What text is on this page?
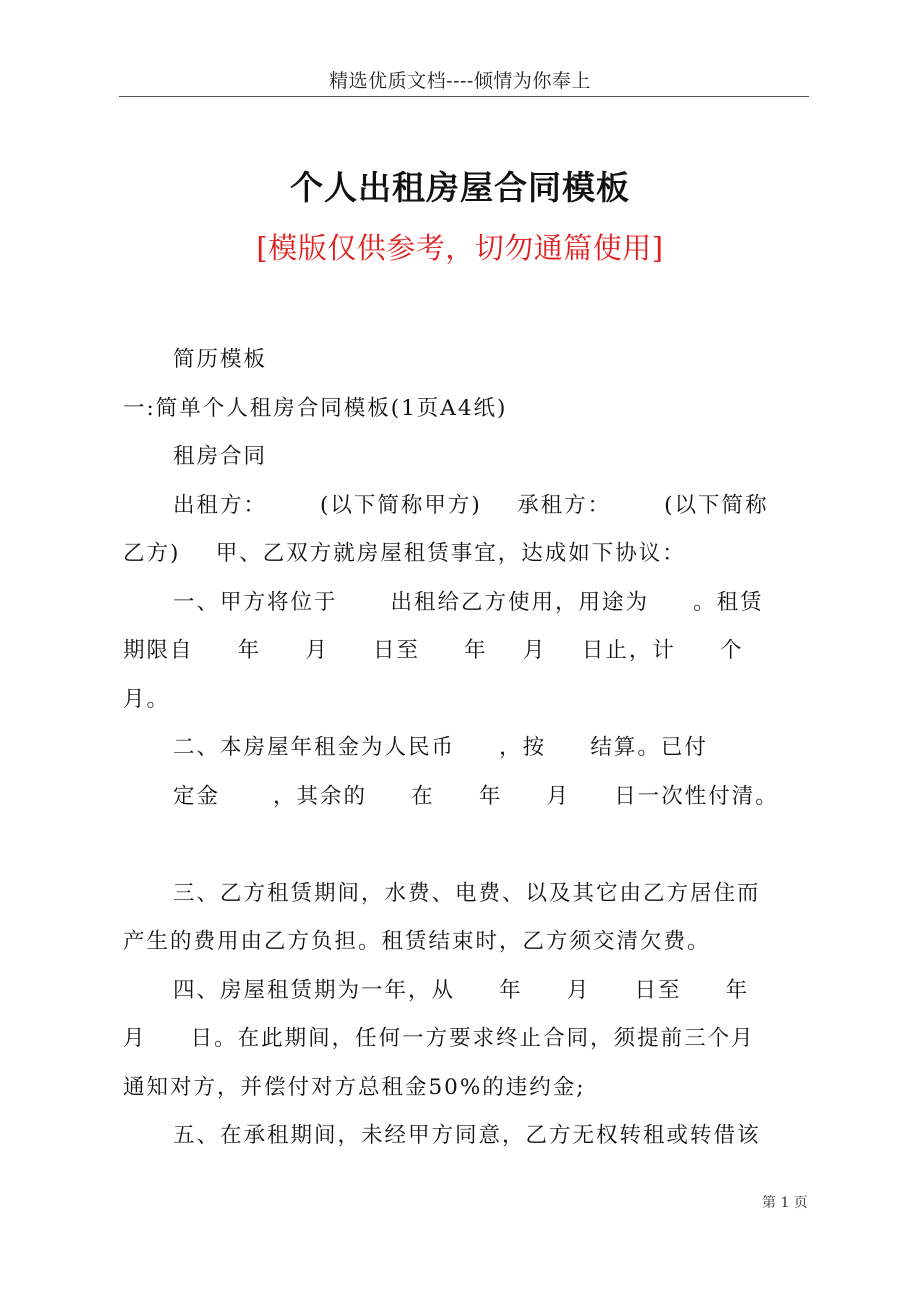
精选优质文档----倾情为你奉上
个人出租房屋合同模板
[模版仅供参考，切勿通篇使用]

简历模板

一:简单个人租房合同模板(1页A4纸)

租房合同

出租方：      (以下简称甲方)    承租方：      (以下简称

乙方)    甲、乙双方就房屋租赁事宜，达成如下协议：

一、甲方将位于      出租给乙方使用，用途为     。租赁

期限自     年     月     日至     年    月    日止，计     个

月。

二、本房屋年租金为人民币     ，按     结算。已付

定金      ，其余的     在     年     月     日一次性付清。

三、乙方租赁期间，水费、电费、以及其它由乙方居住而

产生的费用由乙方负担。租赁结束时，乙方须交清欠费。

四、房屋租赁期为一年，从     年     月     日至     年

月     日。在此期间，任何一方要求终止合同，须提前三个月

通知对方，并偿付对方总租金50%的违约金;

五、在承租期间，未经甲方同意，乙方无权转租或转借该

第 1 页
